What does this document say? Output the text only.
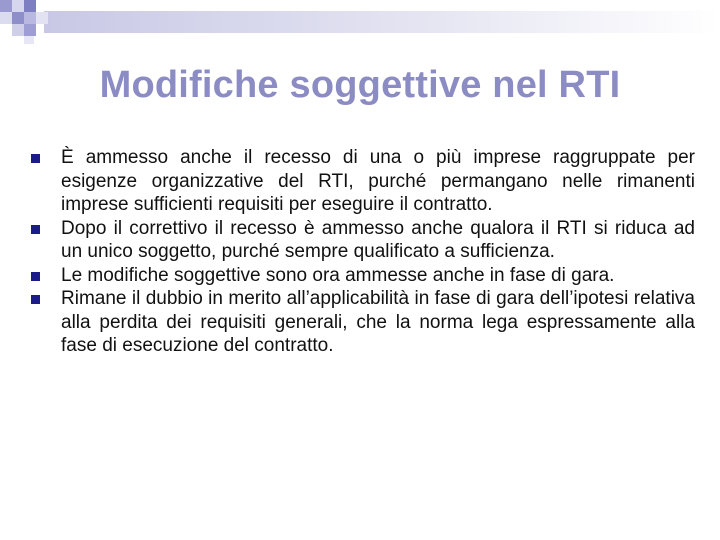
Modifiche soggettive nel RTI
È ammesso anche il recesso di una o più imprese raggruppate per esigenze organizzative del RTI, purché permangano nelle rimanenti imprese sufficienti requisiti per eseguire il contratto.
Dopo il correttivo il recesso è ammesso anche qualora il RTI si riduca ad un unico soggetto, purché sempre qualificato a sufficienza.
Le modifiche soggettive sono ora ammesse anche in fase di gara.
Rimane il dubbio in merito all’applicabilità in fase di gara dell’ipotesi relativa alla perdita dei requisiti generali, che la norma lega espressamente alla fase di esecuzione del contratto.
